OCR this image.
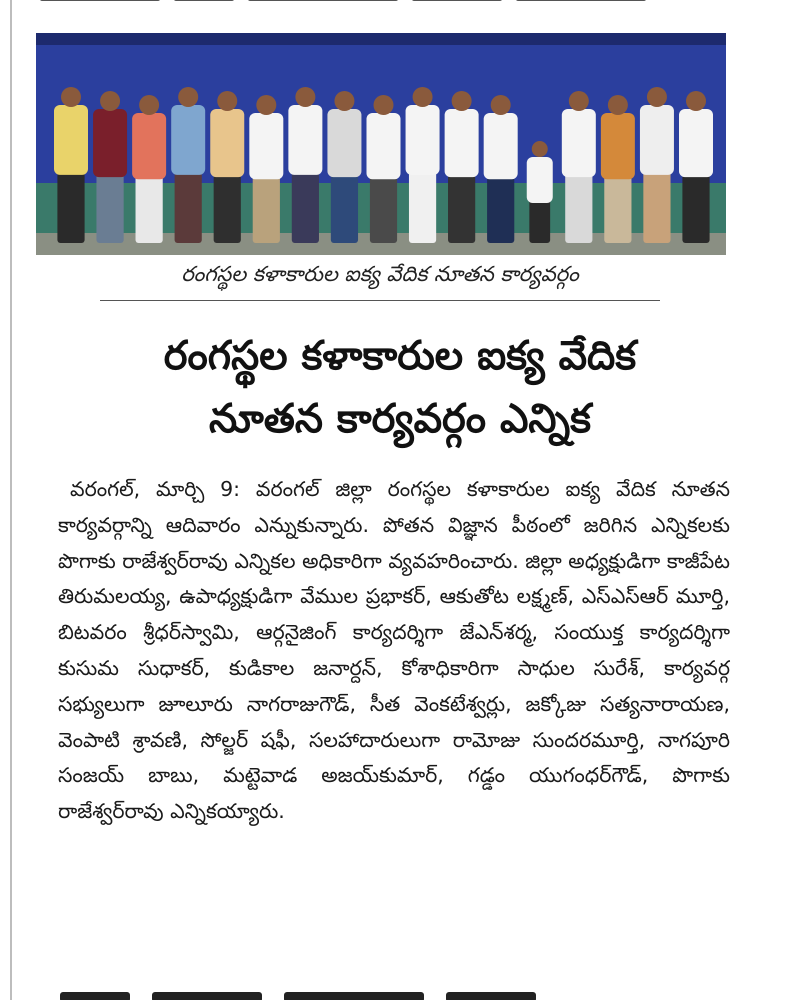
రంగస్థల కళాకారుల ఐక్య వేదిక నూతన కార్యవర్గం
రంగస్థల కళాకారుల ఐక్య వేదిక
నూతన కార్యవర్గం ఎన్నిక
వరంగల్, మార్చి 9: వరంగల్ జిల్లా రంగస్థల కళాకారుల ఐక్య వేదిక నూతన కార్యవర్గాన్ని ఆదివారం ఎన్నుకున్నారు. పోతన విజ్ఞాన పీఠంలో జరిగిన ఎన్నికలకు పొగాకు రాజేశ్వర్‌రావు ఎన్నికల అధికారిగా వ్యవహరించారు. జిల్లా అధ్యక్షుడిగా కాజీపేట తిరుమలయ్య, ఉపాధ్యక్షుడిగా వేముల ప్రభాకర్, ఆకుతోట లక్ష్మణ్, ఎస్ఎస్ఆర్ మూర్తి, బిటవరం శ్రీధర్‌స్వామి, ఆర్గనైజింగ్ కార్యదర్శిగా జేఎన్‌శర్మ, సంయుక్త కార్యదర్శిగా కుసుమ సుధాకర్, కుడికాల జనార్దన్, కోశాధికారిగా సాధుల సురేశ్, కార్యవర్గ సభ్యులుగా జూలూరు నాగరాజుగౌడ్, సీత వెంకటేశ్వర్లు, జక్కోజు సత్యనారాయణ, వెంపాటి శ్రావణి, సోల్జర్ షఫీ, సలహాదారులుగా రామోజు సుందరమూర్తి, నాగపూరి సంజయ్ బాబు, మట్టెవాడ అజయ్‌కుమార్, గడ్డం యుగంధర్‌గౌడ్, పొగాకు రాజేశ్వర్‌రావు ఎన్నికయ్యారు.
